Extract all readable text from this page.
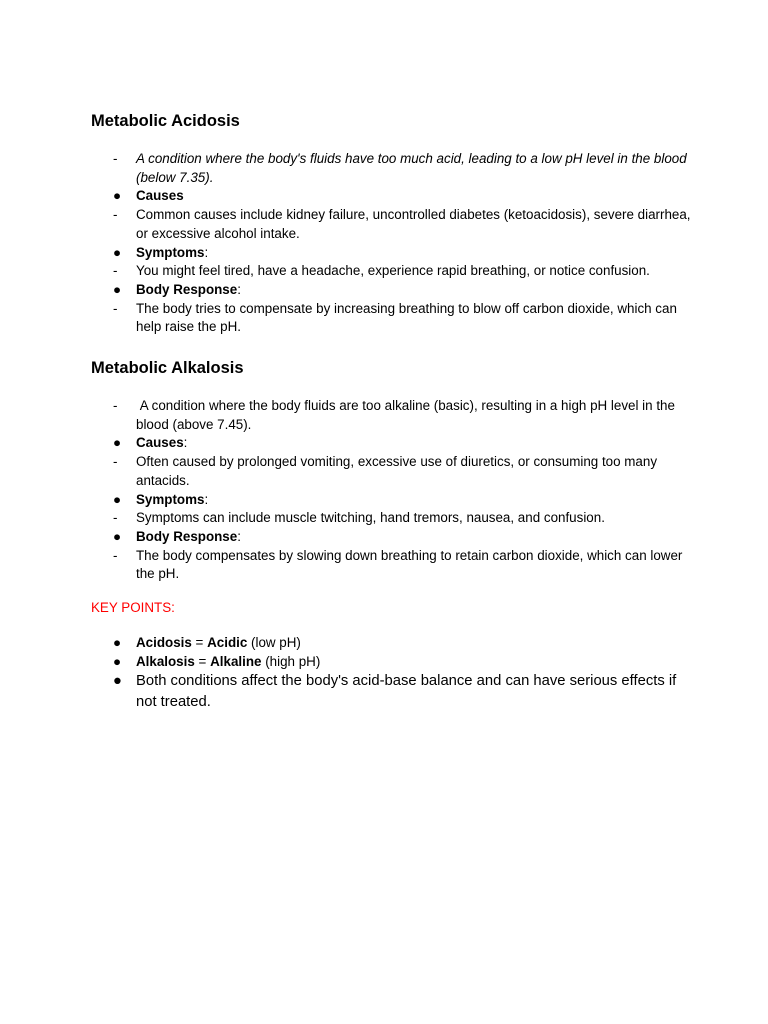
Metabolic Acidosis
-	A condition where the body's fluids have too much acid, leading to a low pH level in the blood (below 7.35).
●	Causes
-	Common causes include kidney failure, uncontrolled diabetes (ketoacidosis), severe diarrhea, or excessive alcohol intake.
●	Symptoms:
-	You might feel tired, have a headache, experience rapid breathing, or notice confusion.
●	Body Response:
-	The body tries to compensate by increasing breathing to blow off carbon dioxide, which can help raise the pH.
Metabolic Alkalosis
-	A condition where the body fluids are too alkaline (basic), resulting in a high pH level in the blood (above 7.45).
●	Causes:
-	Often caused by prolonged vomiting, excessive use of diuretics, or consuming too many antacids.
●	Symptoms:
-	Symptoms can include muscle twitching, hand tremors, nausea, and confusion.
●	Body Response:
-	The body compensates by slowing down breathing to retain carbon dioxide, which can lower the pH.

KEY POINTS:

●	Acidosis = Acidic (low pH)
●	Alkalosis = Alkaline (high pH)
● Both conditions affect the body's acid-base balance and can have serious effects if not treated.
